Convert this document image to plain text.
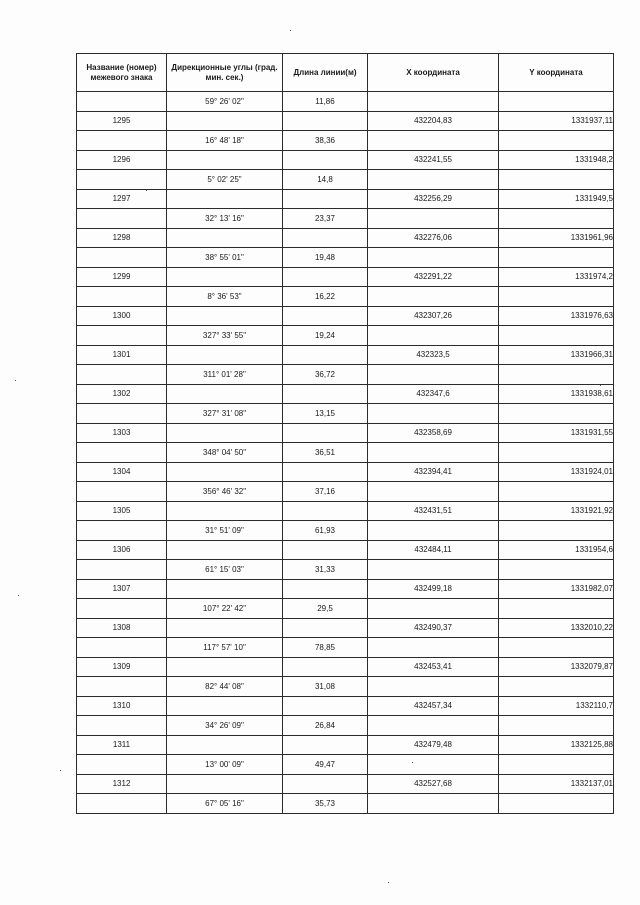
Название (номер) межевого знака	Дирекционные углы (град. мин. сек.)	Длина линии(м)	X координата	Y координата
	59° 26' 02"	11,86		
1295			432204,83	1331937,11
	16° 48' 18"	38,36		
1296			432241,55	1331948,2
	5° 02' 25"	14,8		
1297			432256,29	1331949,5
	32° 13' 16"	23,37		
1298			432276,06	1331961,96
	38° 55' 01"	19,48		
1299			432291,22	1331974,2
	8° 36' 53"	16,22		
1300			432307,26	1331976,63
	327° 33' 55"	19,24		
1301			432323,5	1331966,31
	311° 01' 28"	36,72		
1302			432347,6	1331938,61
	327° 31' 08"	13,15		
1303			432358,69	1331931,55
	348° 04' 50"	36,51		
1304			432394,41	1331924,01
	356° 46' 32"	37,16		
1305			432431,51	1331921,92
	31° 51' 09"	61,93		
1306			432484,11	1331954,6
	61° 15' 03"	31,33		
1307			432499,18	1331982,07
	107° 22' 42"	29,5		
1308			432490,37	1332010,22
	117° 57' 10"	78,85		
1309			432453,41	1332079,87
	82° 44' 08"	31,08		
1310			432457,34	1332110,7
	34° 26' 09"	26,84		
1311			432479,48	1332125,88
	13° 00' 09"	49,47		
1312			432527,68	1332137,01
	67° 05' 16"	35,73		
